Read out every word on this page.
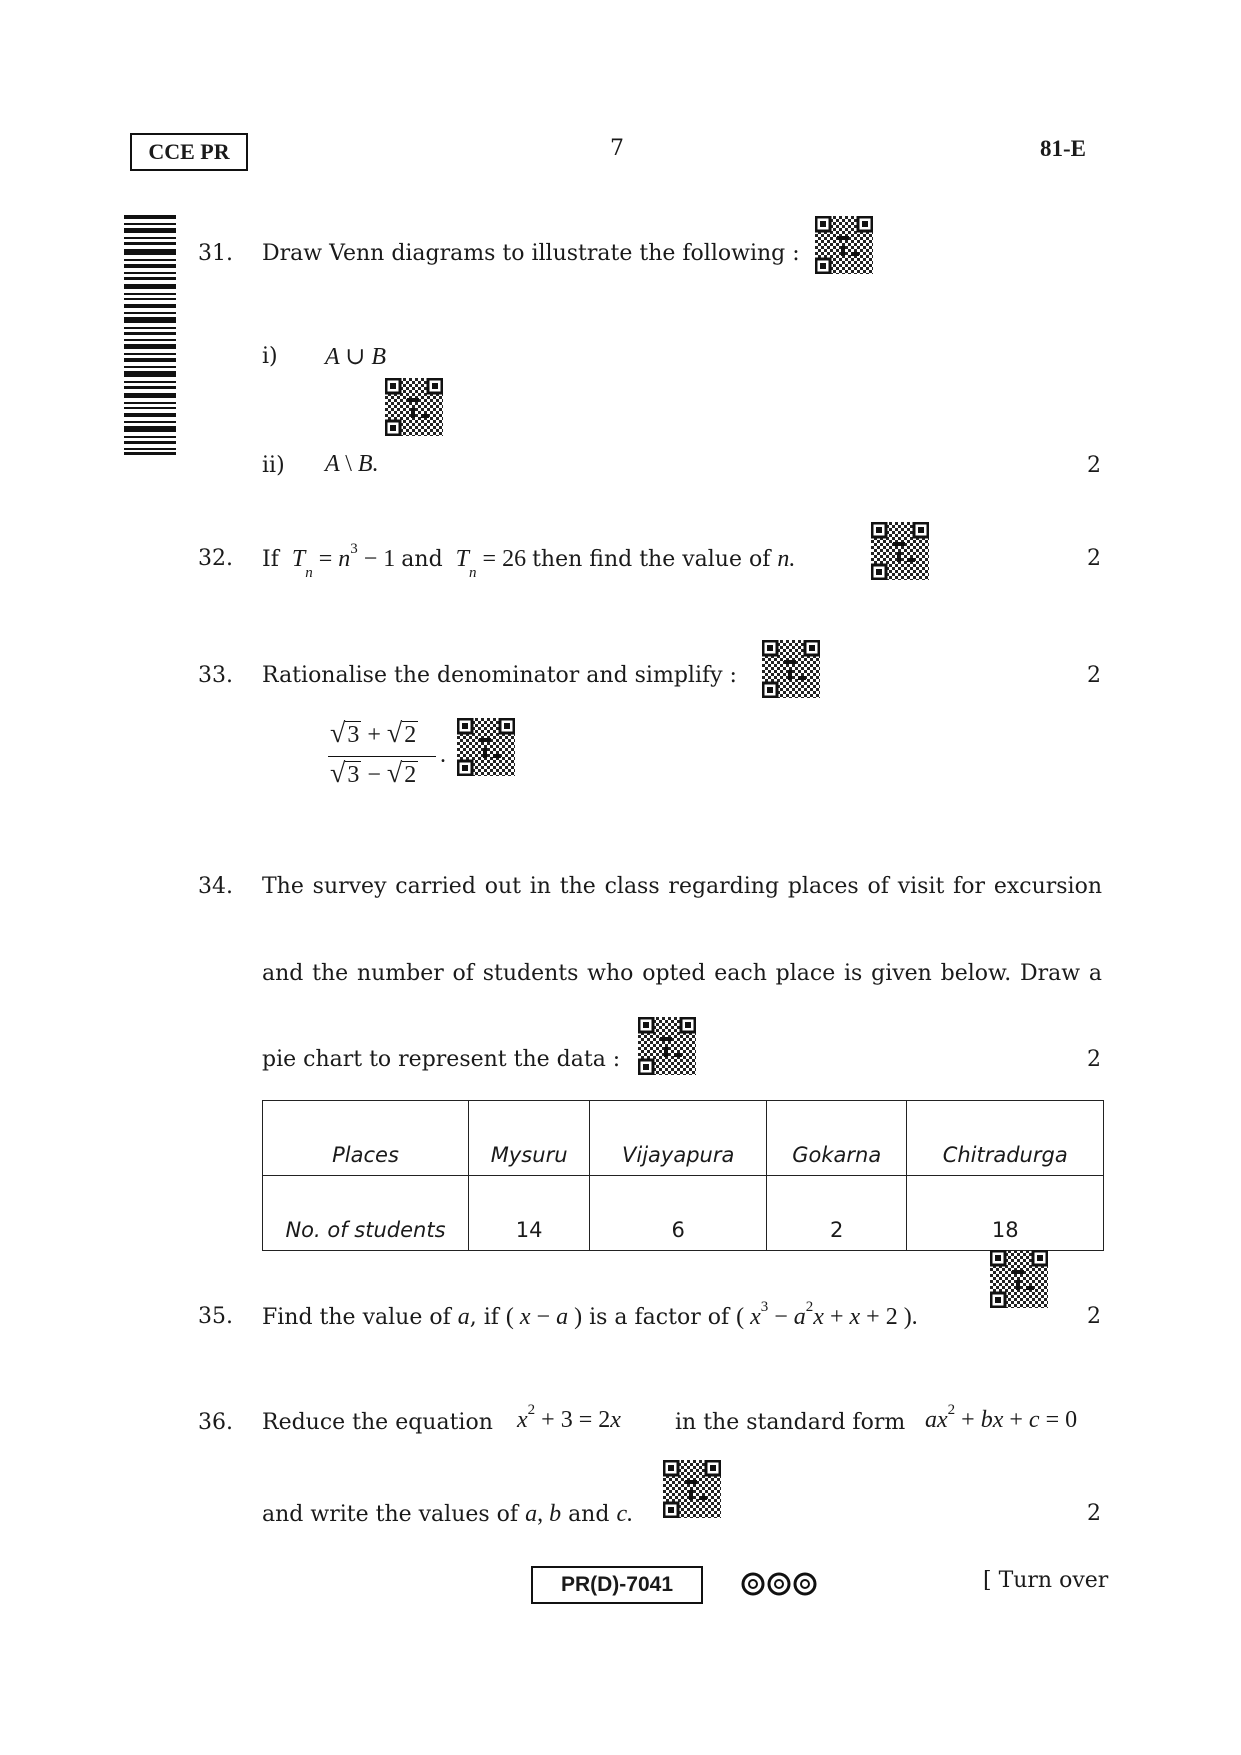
CCE PR	7	81-E
31. Draw Venn diagrams to illustrate the following :
i) A ∪ B
ii) A \ B.	2
32. If  $T_n = n^3 - 1$ and  $T_n = 26$ then find the value of n.	2
33. Rationalise the denominator and simplify :	2
√3 + √2
√3 − √2
.
34. The survey carried out in the class regarding places of visit for excursion
and the number of students who opted each place is given below. Draw a
pie chart to represent the data :	2
Places	Mysuru	Vijayapura	Gokarna	Chitradurga
No. of students	14	6	2	18
35. Find the value of a, if ( x − a ) is a factor of ( $x^3 - a^2x + x + 2$ ).	2
36. Reduce the equation $x^2 + 3 = 2x$ in the standard form $ax^2$ + bx + c = 0
and write the values of a, b and c.	2
PR(D)-7041	[ Turn over
